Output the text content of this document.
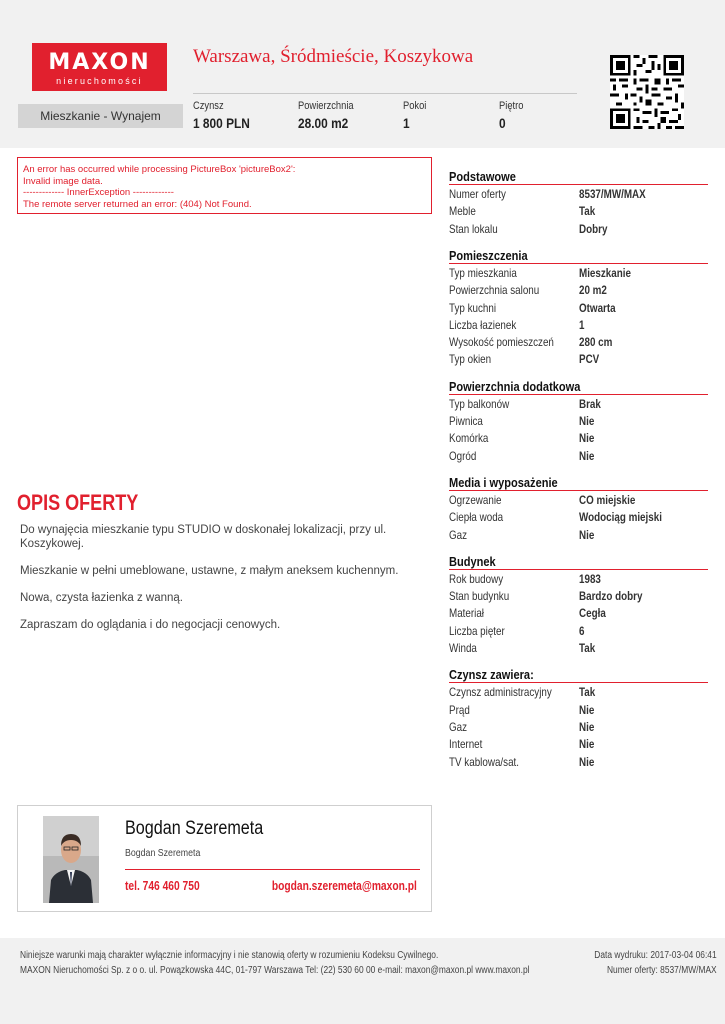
MAXON
nieruchomości
Warszawa, Śródmieście, Koszykowa
Mieszkanie - Wynajem
Czynsz
1 800 PLN
Powierzchnia
28.00 m2
Pokoi
1
Piętro
0
An error has occurred while processing PictureBox 'pictureBox2':
Invalid image data.
------------- InnerException -------------
The remote server returned an error: (404) Not Found.
OPIS OFERTY

Do wynajęcia mieszkanie typu STUDIO w doskonałej lokalizacji, przy ul. Koszykowej.

Mieszkanie w pełni umeblowane, ustawne, z małym aneksem kuchennym.

Nowa, czysta łazienka z wanną.

Zapraszam do oglądania i do negocjacji cenowych.

Podstawowe
Numer oferty	8537/MW/MAX
Meble	Tak
Stan lokalu	Dobry
Pomieszczenia
Typ mieszkania	Mieszkanie
Powierzchnia salonu	20 m2
Typ kuchni	Otwarta
Liczba łazienek	1
Wysokość pomieszczeń 280 cm
Typ okien	PCV
Powierzchnia dodatkowa
Typ balkonów	Brak
Piwnica	Nie
Komórka	Nie
Ogród	Nie
Media i wyposażenie
Ogrzewanie	CO miejskie
Ciepła woda	Wodociąg miejski
Gaz	Nie
Budynek
Rok budowy	1983
Stan budynku	Bardzo dobry
Materiał	Cegła
Liczba pięter	6
Winda	Tak
Czynsz zawiera:
Czynsz administracyjny Tak
Prąd	Nie
Gaz	Nie
Internet	Nie
TV kablowa/sat.	Nie
Bogdan Szeremeta
Bogdan Szeremeta
tel. 746 460 750	bogdan.szeremeta@maxon.pl
Niniejsze warunki mają charakter wyłącznie informacyjny i nie stanowią oferty w rozumieniu Kodeksu Cywilnego.
MAXON Nieruchomości Sp. z o o. ul. Powązkowska 44C, 01-797 Warszawa Tel: (22) 530 60 00 e-mail: maxon@maxon.pl www.maxon.pl
Data wydruku: 2017-03-04 06:41
Numer oferty: 8537/MW/MAX
